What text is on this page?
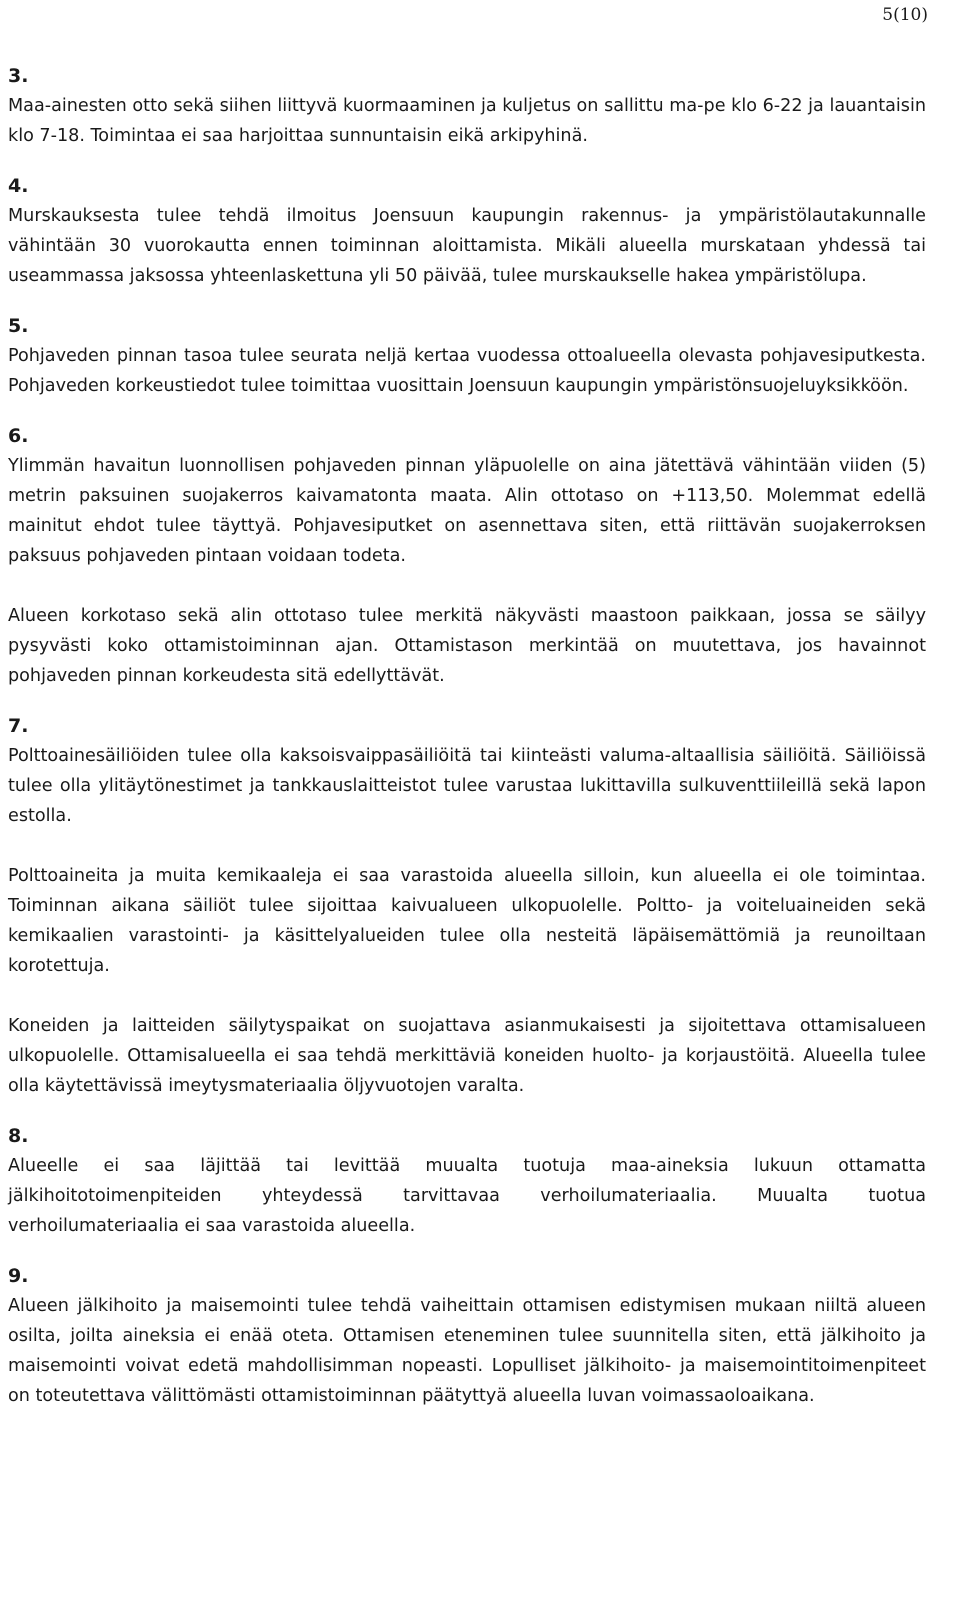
5(10)
3.

Maa-ainesten otto sekä siihen liittyvä kuormaaminen ja kuljetus on sallittu ma-pe klo 6-22 ja lauantaisin klo 7-18. Toimintaa ei saa harjoittaa sunnuntaisin eikä arkipyhinä.

4.

Murskauksesta tulee tehdä ilmoitus Joensuun kaupungin rakennus- ja ympäristölautakunnalle vähintään 30 vuorokautta ennen toiminnan aloittamista. Mikäli alueella murskataan yhdessä tai useammassa jaksossa yhteenlaskettuna yli 50 päivää, tulee murskaukselle hakea ympäristölupa.

5.

Pohjaveden pinnan tasoa tulee seurata neljä kertaa vuodessa ottoalueella olevasta pohjavesiputkesta. Pohjaveden korkeustiedot tulee toimittaa vuosittain Joensuun kaupungin ympäristönsuojeluyksikköön.

6.

Ylimmän havaitun luonnollisen pohjaveden pinnan yläpuolelle on aina jätettävä vähintään viiden (5) metrin paksuinen suojakerros kaivamatonta maata. Alin ottotaso on +113,50. Molemmat edellä mainitut ehdot tulee täyttyä. Pohjavesiputket on asennettava siten, että riittävän suojakerroksen paksuus pohjaveden pintaan voidaan todeta.

Alueen korkotaso sekä alin ottotaso tulee merkitä näkyvästi maastoon paikkaan, jossa se säilyy pysyvästi koko ottamistoiminnan ajan. Ottamistason merkintää on muutettava, jos havainnot pohjaveden pinnan korkeudesta sitä edellyttävät.

7.

Polttoainesäiliöiden tulee olla kaksoisvaippasäiliöitä tai kiinteästi valuma-altaallisia säiliöitä. Säiliöissä tulee olla ylitäytönestimet ja tankkauslaitteistot tulee varustaa lukittavilla sulkuventtiileillä sekä lapon estolla.

Polttoaineita ja muita kemikaaleja ei saa varastoida alueella silloin, kun alueella ei ole toimintaa. Toiminnan aikana säiliöt tulee sijoittaa kaivualueen ulkopuolelle. Poltto- ja voiteluaineiden sekä kemikaalien varastointi- ja käsittelyalueiden tulee olla nesteitä läpäisemättömiä ja reunoiltaan korotettuja.

Koneiden ja laitteiden säilytyspaikat on suojattava asianmukaisesti ja sijoitettava ottamisalueen ulkopuolelle. Ottamisalueella ei saa tehdä merkittäviä koneiden huolto- ja korjaustöitä. Alueella tulee olla käytettävissä imeytysmateriaalia öljyvuotojen varalta.

8.

Alueelle ei saa läjittää tai levittää muualta tuotuja maa-aineksia lukuun ottamatta jälkihoitotoimenpiteiden yhteydessä tarvittavaa verhoilumateriaalia. Muualta tuotua verhoilumateriaalia ei saa varastoida alueella.

9.

Alueen jälkihoito ja maisemointi tulee tehdä vaiheittain ottamisen edistymisen mukaan niiltä alueen osilta, joilta aineksia ei enää oteta. Ottamisen eteneminen tulee suunnitella siten, että jälkihoito ja maisemointi voivat edetä mahdollisimman nopeasti. Lopulliset jälkihoito- ja maisemointitoimenpiteet on toteutettava välittömästi ottamistoiminnan päätyttyä alueella luvan voimassaoloaikana.
